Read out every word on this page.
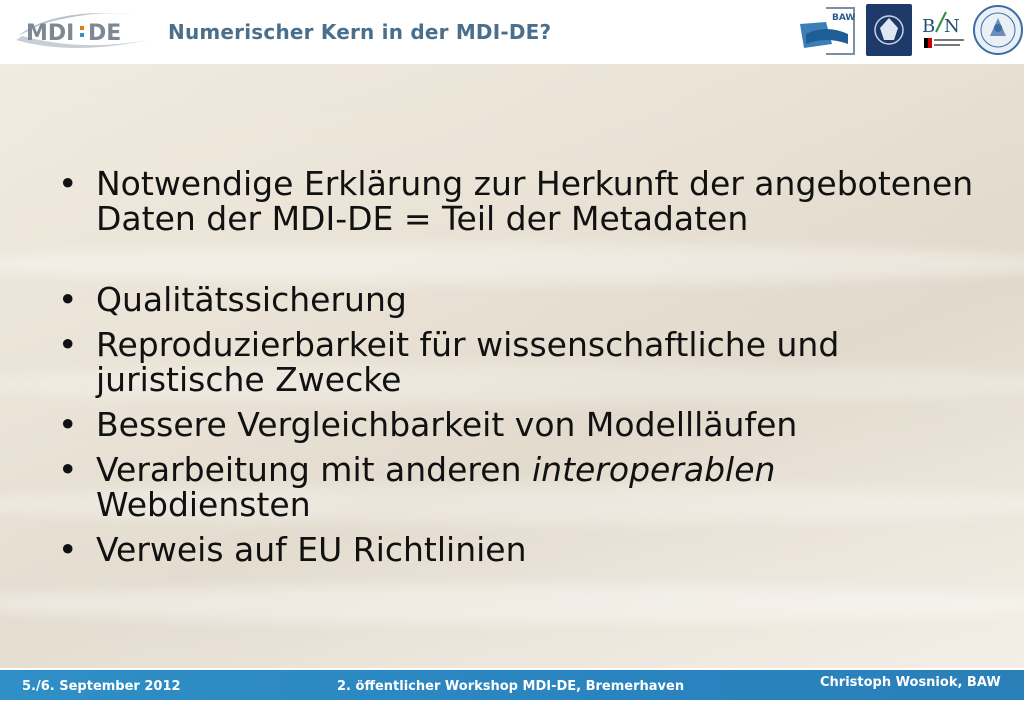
MDI DE Numerischer Kern in der MDI-DE?
BAW	B N
• Notwendige Erklärung zur Herkunft der angebotenen Daten der MDI-DE = Teil der Metadaten
• Qualitätssicherung
• Reproduzierbarkeit für wissenschaftliche und juristische Zwecke
• Bessere Vergleichbarkeit von Modellläufen
• Verarbeitung mit anderen interoperablen Webdiensten
• Verweis auf EU Richtlinien
5./6. September 2012	2. öffentlicher Workshop MDI-DE, Bremerhaven	Christoph Wosniok, BAW
